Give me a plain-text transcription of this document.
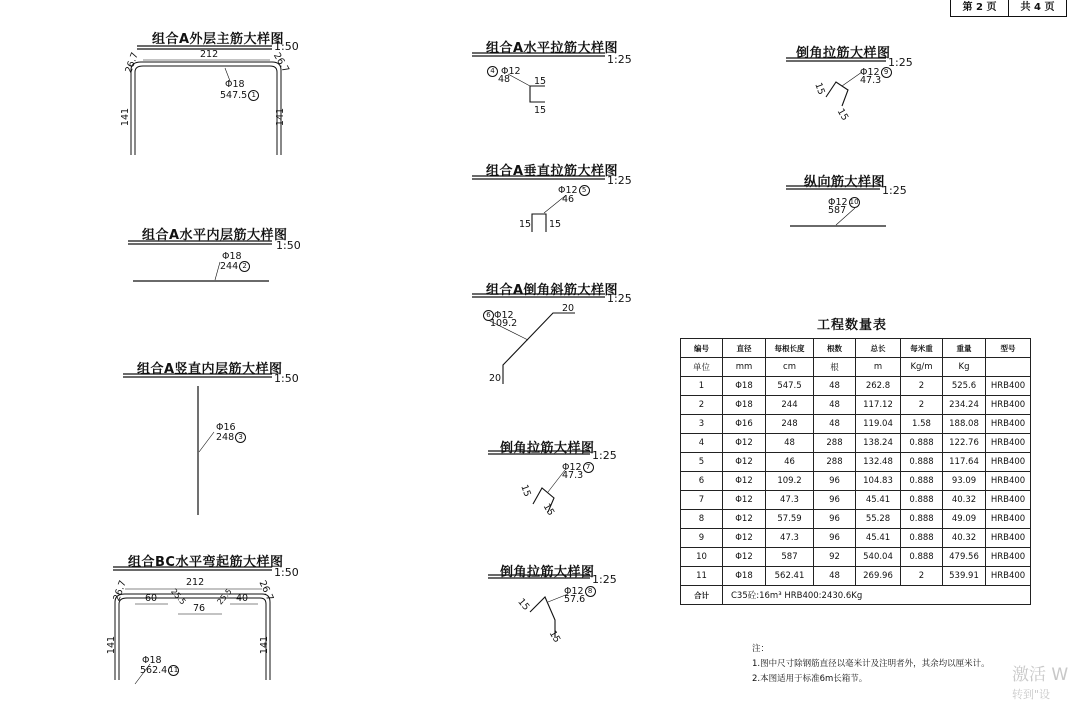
第 2 页	共 4 页
组合A外层主筋大样图
1:50
212
26.7	26.7
141	141
Φ18
547.5 1
组合A水平内层筋大样图
1:50
Φ18
244 2
组合A竖直内层筋大样图
1:50
Φ16
248 3
组合BC水平弯起筋大样图
1:50
212
26.7	26.7
60 25.5
76
25.5 40
141	141
Φ18
562.4 11
组合A水平拉筋大样图
1:25
4 Φ12
48	15
15
组合A垂直拉筋大样图
1:25
Φ12 5
46
15 15
组合A倒角斜筋大样图
1:25
6 Φ12
109.2
20
20
倒角拉筋大样图
1:25
Φ12 7
47.3
15
15
倒角拉筋大样图
1:25
Φ12 8
57.6
15
15
倒角拉筋大样图
1:25
Φ12 9
47.3
15
15
纵向筋大样图
1:25
Φ12 10
587
工程数量表
编号	直径	每根长度	根数	总长	每米重	重量	型号
单位	mm	cm	根	m	Kg/m	Kg	
1	Φ18	547.5	48	262.8	2	525.6	HRB400
2	Φ18	244	48	117.12	2	234.24	HRB400
3	Φ16	248	48	119.04	1.58	188.08	HRB400
4	Φ12	48	288	138.24	0.888	122.76	HRB400
5	Φ12	46	288	132.48	0.888	117.64	HRB400
6	Φ12	109.2	96	104.83	0.888	93.09	HRB400
7	Φ12	47.3	96	45.41	0.888	40.32	HRB400
8	Φ12	57.59	96	55.28	0.888	49.09	HRB400
9	Φ12	47.3	96	45.41	0.888	40.32	HRB400
10	Φ12	587	92	540.04	0.888	479.56	HRB400
11	Φ18	562.41	48	269.96	2	539.91	HRB400
合计	C35砼:16m³ HRB400:2430.6Kg						
注：
1.图中尺寸除钢筋直径以毫米计及注明者外，其余均以厘米计。
2.本图适用于标准6m长箱节。	激活 W
转到"设
